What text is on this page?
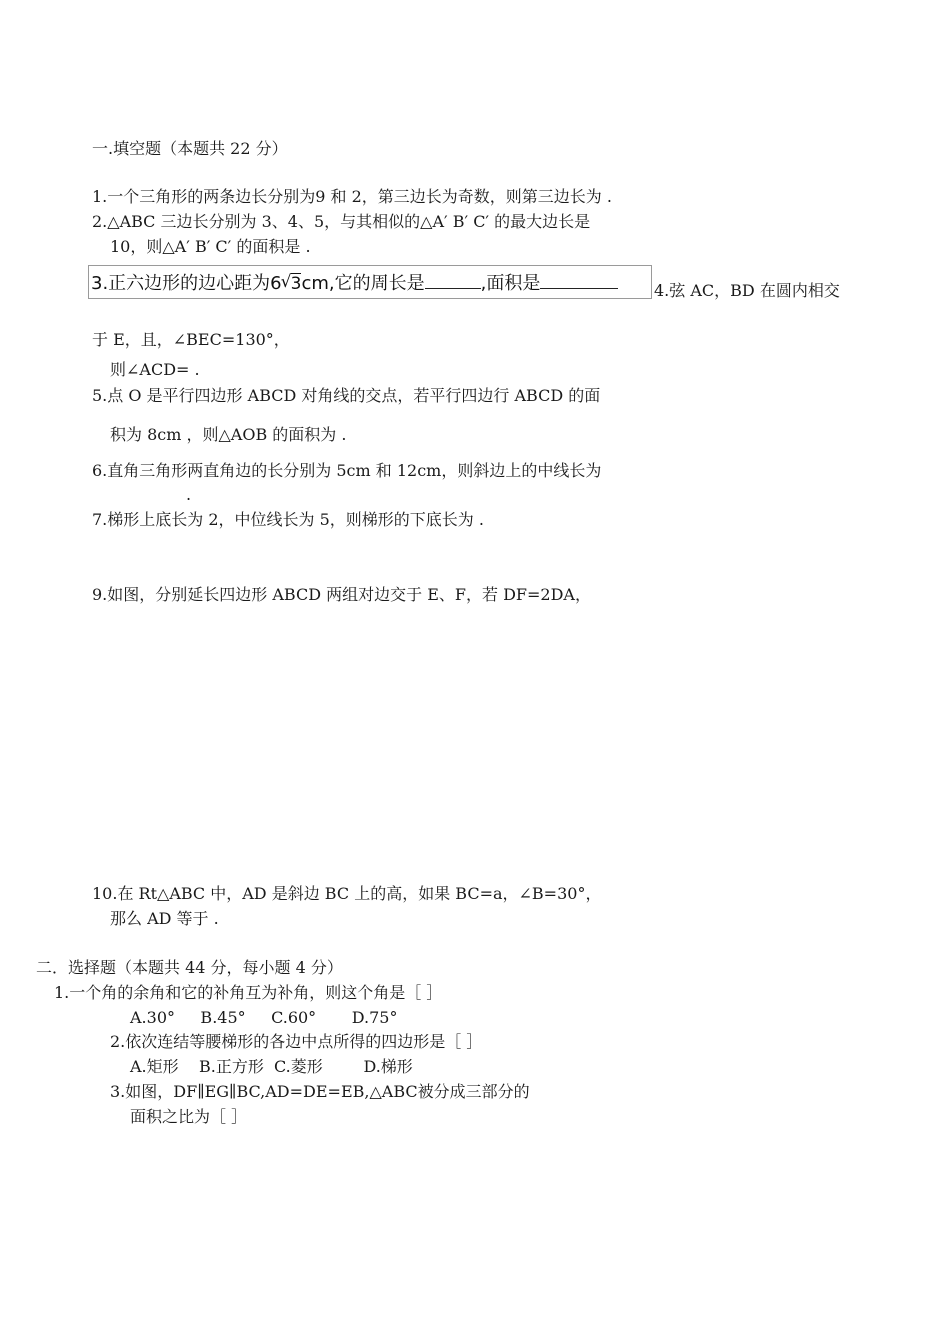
一.填空题（本题共 22 分）
1.一个三角形的两条边长分别为9 和 2，第三边长为奇数，则第三边长为 .
2.△ABC 三边长分别为 3、4、5，与其相似的△A′ B′ C′ 的最大边长是
10，则△A′ B′ C′ 的面积是 .
3.正六边形的边心距为6√ 3cm,它的周长是	,面积是	4.弦 AC，BD 在圆内相交
于 E，且，∠BEC=130°，
则∠ACD= .
5.点 O 是平行四边形 ABCD 对角线的交点，若平行四边行 ABCD 的面
积为 8cm ，则△AOB 的面积为 .
6.直角三角形两直角边的长分别为 5cm 和 12cm，则斜边上的中线长为
.
7.梯形上底长为 2，中位线长为 5，则梯形的下底长为 .
9.如图，分别延长四边形 ABCD 两组对边交于 E、F，若 DF=2DA，
10.在 Rt△ABC 中，AD 是斜边 BC 上的高，如果 BC=a，∠B=30°，
那么 AD 等于 .
二．选择题（本题共 44 分，每小题 4 分）
1.一个角的余角和它的补角互为补角，则这个角是［ ］
A.30°     B.45°     C.60°       D.75°
2.依次连结等腰梯形的各边中点所得的四边形是［ ］
A.矩形    B.正方形  C.菱形        D.梯形
3.如图，DF∥EG∥BC,AD=DE=EB,△ABC被分成三部分的
面积之比为［ ］
